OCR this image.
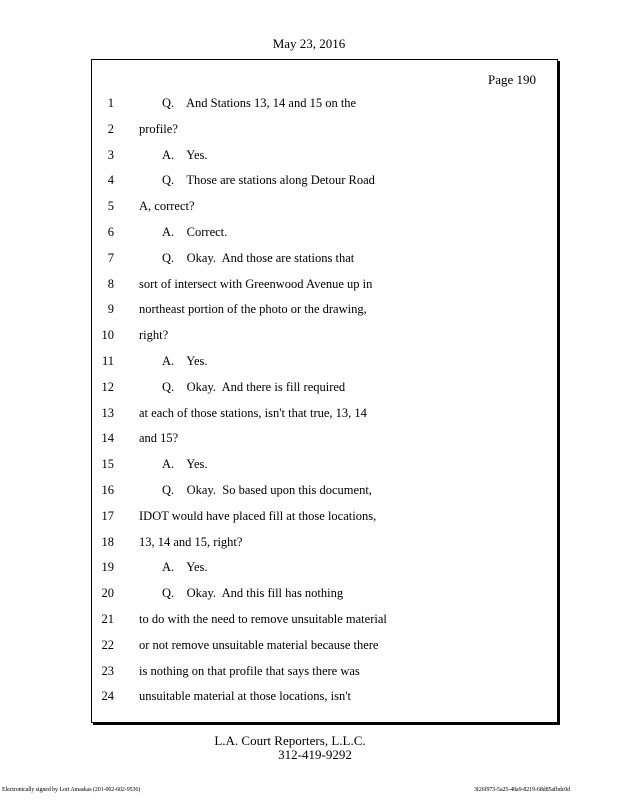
May 23, 2016
Page 190
1	Q.    And Stations 13, 14 and 15 on the
2 profile?
3	A.    Yes.
4	Q.    Those are stations along Detour Road
5 A, correct?
6	A.    Correct.
7	Q.    Okay.  And those are stations that
8 sort of intersect with Greenwood Avenue up in
9 northeast portion of the photo or the drawing,
10 right?
11	A.    Yes.
12	Q.    Okay.  And there is fill required
13 at each of those stations, isn't that true, 13, 14
14 and 15?
15	A.    Yes.
16	Q.    Okay.  So based upon this document,
17 IDOT would have placed fill at those locations,
18 13, 14 and 15, right?
19	A.    Yes.
20	Q.    Okay.  And this fill has nothing
21 to do with the need to remove unsuitable material
22 or not remove unsuitable material because there
23 is nothing on that profile that says there was
24 unsuitable material at those locations, isn't
L.A. Court Reporters, L.L.C.
312-419-9292
Electronically signed by Lori Amaskas (201-002-602-9536)	3f26f973-5a25-48a9-8219-68d85afbdc0d
